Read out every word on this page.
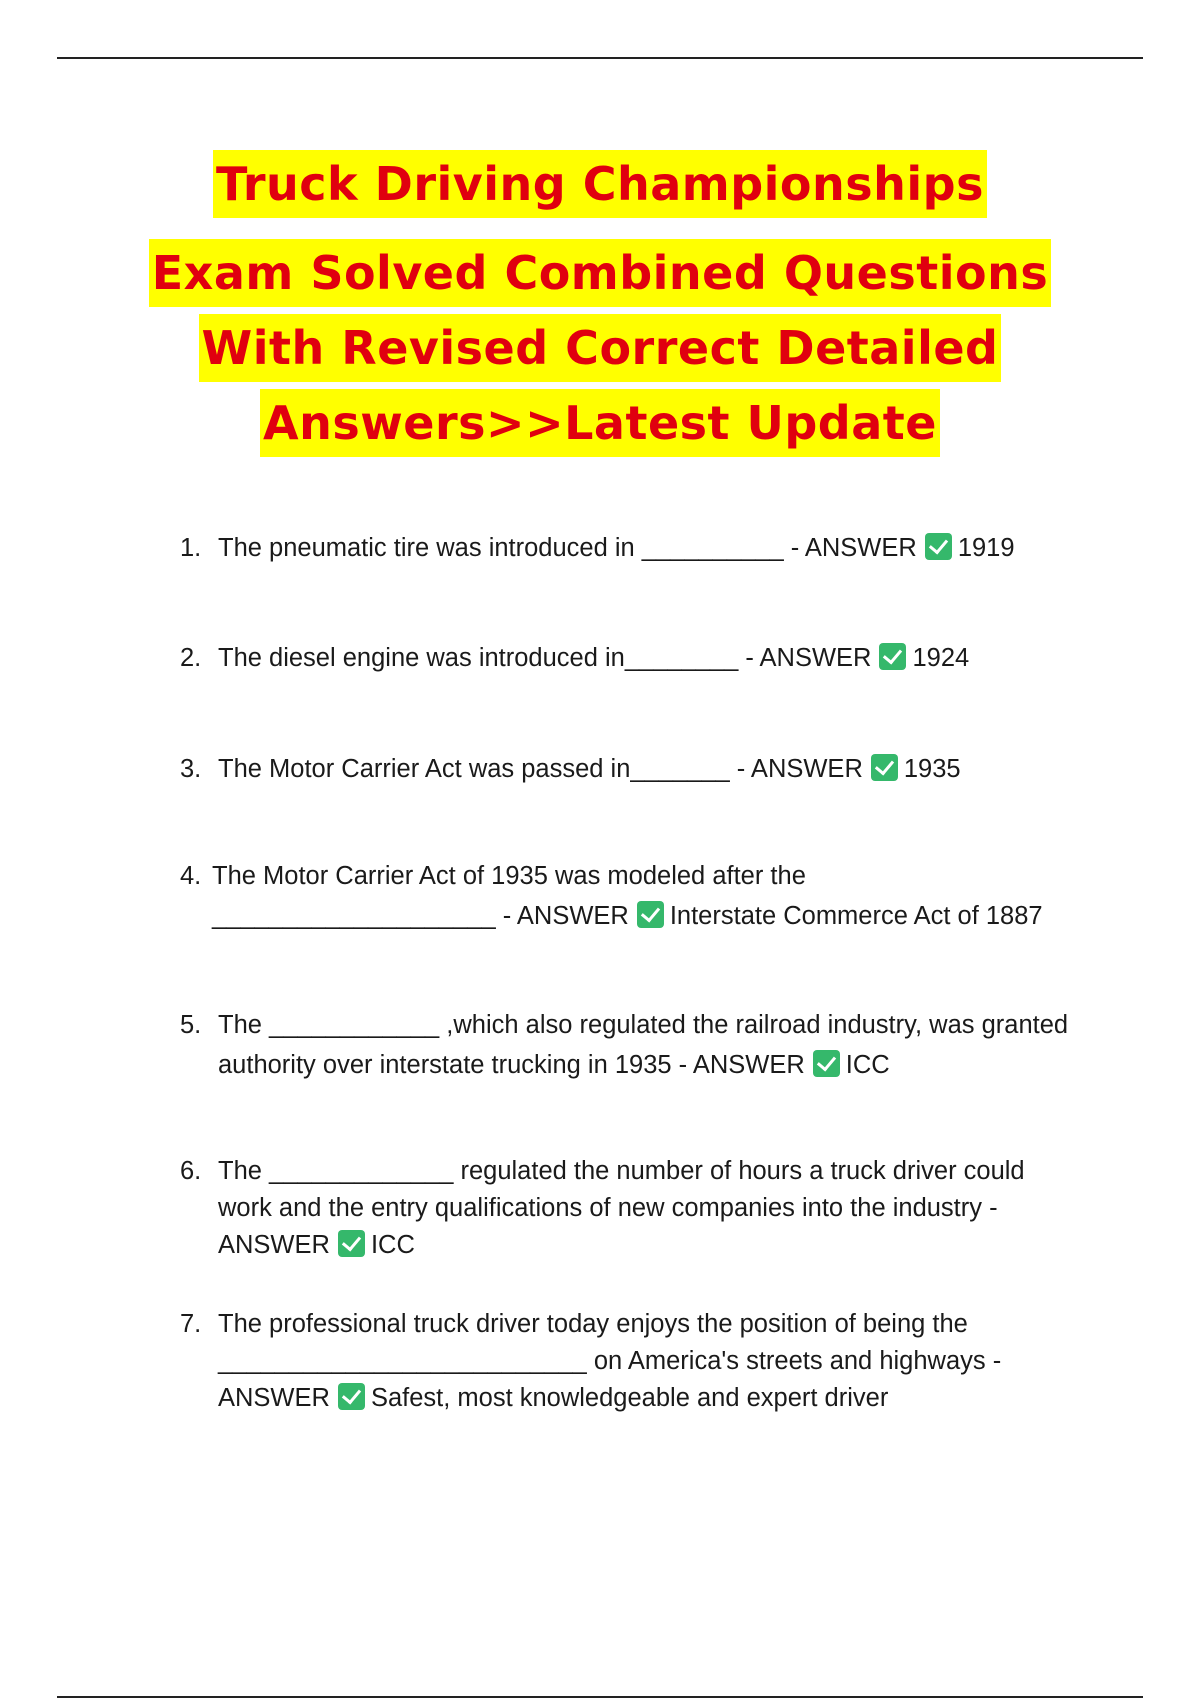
Truck Driving Championships
Exam Solved Combined Questions
With Revised Correct Detailed
Answers>>Latest Update
1. The pneumatic tire was introduced in __________ - ANSWER 1919
2. The diesel engine was introduced in________ - ANSWER 1924
3. The Motor Carrier Act was passed in_______ - ANSWER 1935
4. The Motor Carrier Act of 1935 was modeled after the
____________________ - ANSWER Interstate Commerce Act of 1887
5. The ____________ ,which also regulated the railroad industry, was granted
authority over interstate trucking in 1935 - ANSWER ICC
6. The _____________ regulated the number of hours a truck driver could
work and the entry qualifications of new companies into the industry -
ANSWER ICC
7. The professional truck driver today enjoys the position of being the
__________________________ on America's streets and highways -
ANSWER Safest, most knowledgeable and expert driver
